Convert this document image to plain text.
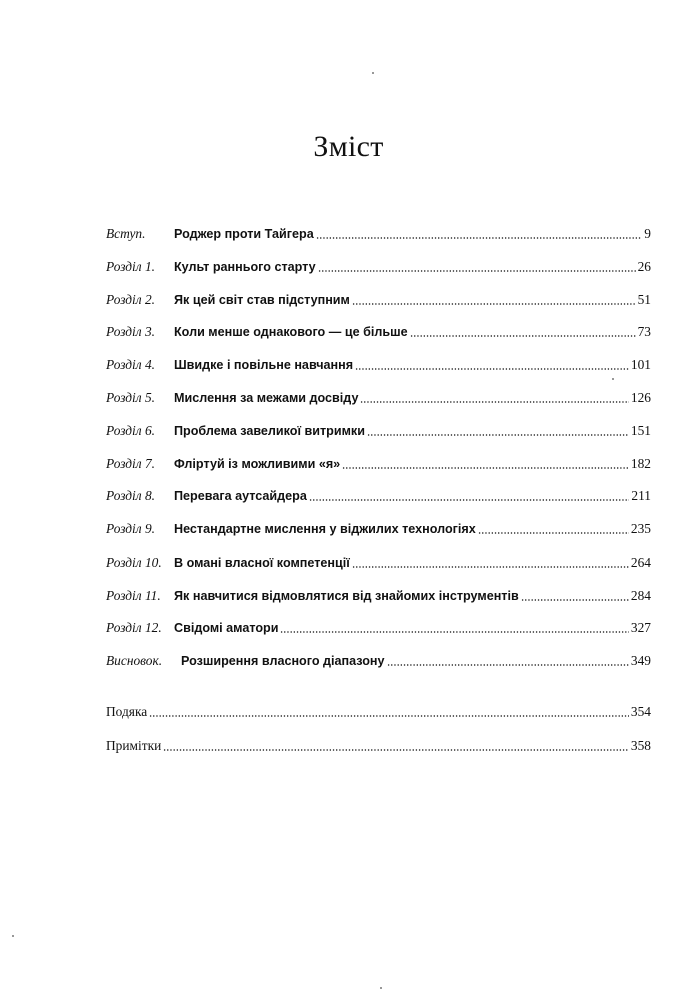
Зміст
Вступ.	Роджер проти Тайгера	9
Розділ 1.	Культ раннього старту	26
Розділ 2.	Як цей світ став підступним	51
Розділ 3.	Коли менше однакового — це більше	73
Розділ 4.	Швидке і повільне навчання	101
Розділ 5.	Мислення за межами досвіду	126
Розділ 6.	Проблема завеликої витримки	151
Розділ 7.	Фліртуй із можливими «я»	182
Розділ 8.	Перевага аутсайдера	211
Розділ 9.	Нестандартне мислення у віджилих технологіях	235
Розділ 10. В омані власної компетенції	264
Розділ 11.	Як навчитися відмовлятися від знайомих інструментів	284
Розділ 12. Свідомі аматори	327
Висновок.	Розширення власного діапазону	349
Подяка	354
Примітки	358
